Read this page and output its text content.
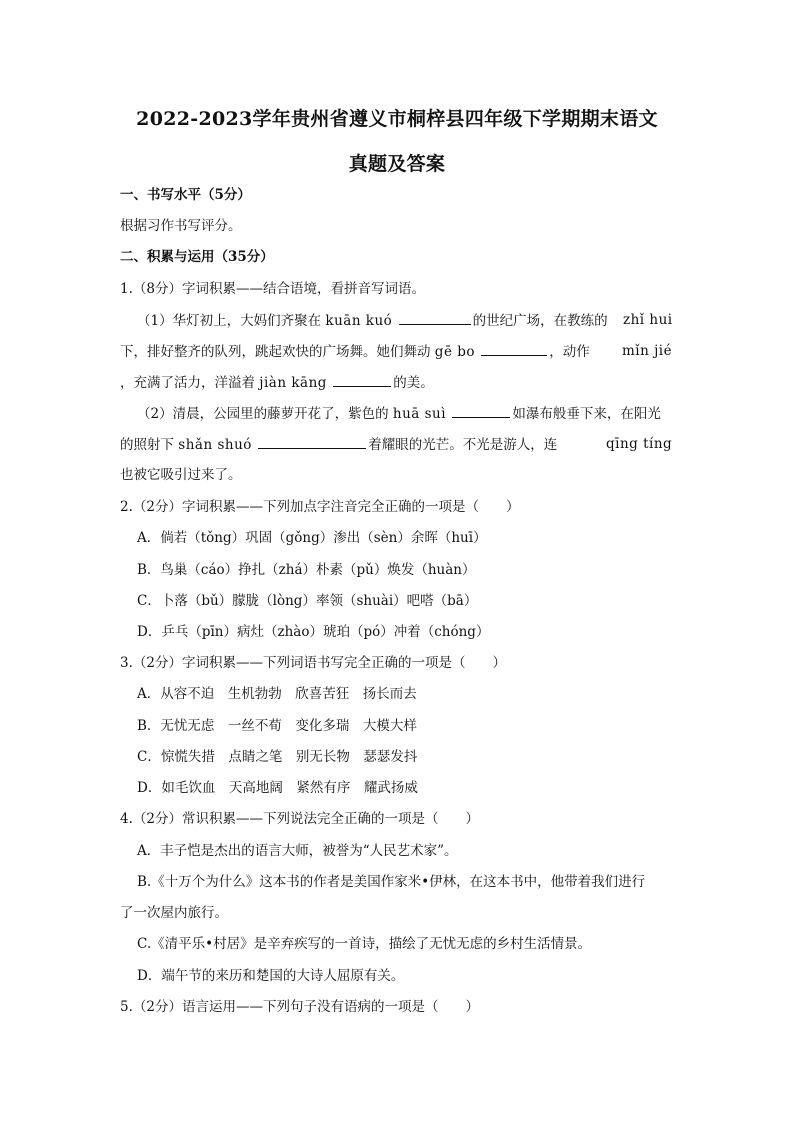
2022-2023学年贵州省遵义市桐梓县四年级下学期期末语文
真题及答案
一、书写水平（5分）
根据习作书写评分。
二、积累与运用（35分）
1.（8分）字词积累——结合语境，看拼音写词语。
（1）华灯初上，大妈们齐聚在 kuān kuó	的世纪广场，在教练的	zhǐ hui
下，排好整齐的队列，跳起欢快的广场舞。她们舞动 gē bo	，动作	mǐn jié
，充满了活力，洋溢着 jiàn kāng	的美。
（2）清晨，公园里的藤萝开花了，紫色的 huā suì	如瀑布般垂下来，在阳光
的照射下 shǎn shuó	着耀眼的光芒。不光是游人，连	qīng tíng
也被它吸引过来了。
2.（2分）字词积累——下列加点字注音完全正确的一项是（　　）
A．倘若（tǒng）巩固（gǒng）渗出（sèn）余晖（huī）
B．鸟巢（cáo）挣扎（zhá）朴素（pǔ）焕发（huàn）
C．卜落（bǔ）朦胧（lòng）率领（shuài）吧嗒（bā）
D．乒乓（pīn）病灶（zhào）琥珀（pó）冲着（chóng）
3.（2分）字词积累——下列词语书写完全正确的一项是（　　）
A．从容不迫　生机勃勃　欣喜苦狂　扬长而去
B．无忧无虑　一丝不荀　变化多瑞　大模大样
C．惊慌失措　点睛之笔　别无长物　瑟瑟发抖
D．如毛饮血　天高地阔　紧然有序　耀武扬威
4.（2分）常识积累——下列说法完全正确的一项是（　　）
A．丰子恺是杰出的语言大师，被誉为“人民艺术家”。
B.《十万个为什么》这本书的作者是美国作家米•伊林，在这本书中，他带着我们进行
了一次屋内旅行。
C.《清平乐•村居》是辛弃疾写的一首诗，描绘了无忧无虑的乡村生活情景。
D．端午节的来历和楚国的大诗人屈原有关。
5.（2分）语言运用——下列句子没有语病的一项是（　　）
